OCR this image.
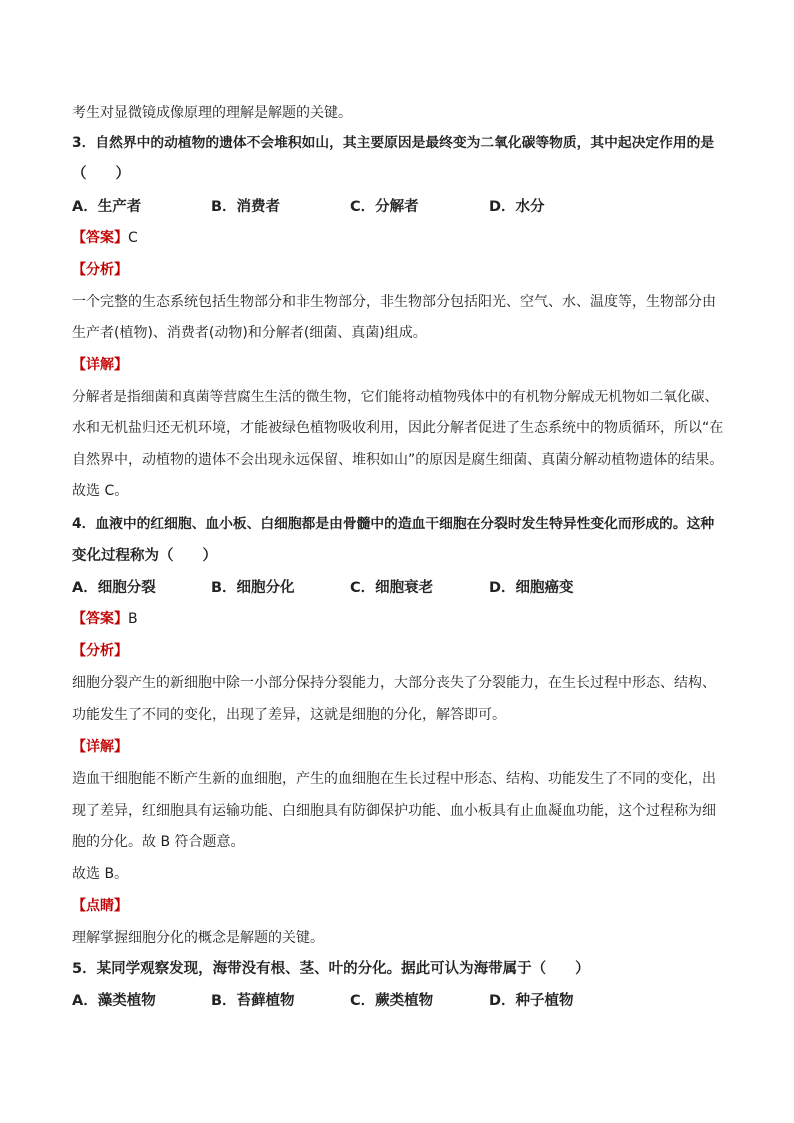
考生对显微镜成像原理的理解是解题的关键。
3．自然界中的动植物的遗体不会堆积如山，其主要原因是最终变为二氧化碳等物质，其中起决定作用的是
（　　）
A．生产者	B．消费者	C．分解者	D．水分
【答案】C
【分析】
一个完整的生态系统包括生物部分和非生物部分，非生物部分包括阳光、空气、水、温度等，生物部分由
生产者(植物)、消费者(动物)和分解者(细菌、真菌)组成。
【详解】
分解者是指细菌和真菌等营腐生生活的微生物，它们能将动植物残体中的有机物分解成无机物如二氧化碳、
水和无机盐归还无机环境，才能被绿色植物吸收利用，因此分解者促进了生态系统中的物质循环，所以“在
自然界中，动植物的遗体不会出现永远保留、堆积如山”的原因是腐生细菌、真菌分解动植物遗体的结果。
故选 C。
4．血液中的红细胞、血小板、白细胞都是由骨髓中的造血干细胞在分裂时发生特异性变化而形成的。这种
变化过程称为（　　）
A．细胞分裂	B．细胞分化	C．细胞衰老	D．细胞癌变
【答案】B
【分析】
细胞分裂产生的新细胞中除一小部分保持分裂能力，大部分丧失了分裂能力，在生长过程中形态、结构、
功能发生了不同的变化，出现了差异，这就是细胞的分化，解答即可。
【详解】
造血干细胞能不断产生新的血细胞，产生的血细胞在生长过程中形态、结构、功能发生了不同的变化，出
现了差异，红细胞具有运输功能、白细胞具有防御保护功能、血小板具有止血凝血功能，这个过程称为细
胞的分化。故 B 符合题意。
故选 B。
【点睛】
理解掌握细胞分化的概念是解题的关键。
5．某同学观察发现，海带没有根、茎、叶的分化。据此可认为海带属于（　　）
A．藻类植物	B．苔藓植物	C．蕨类植物	D．种子植物
